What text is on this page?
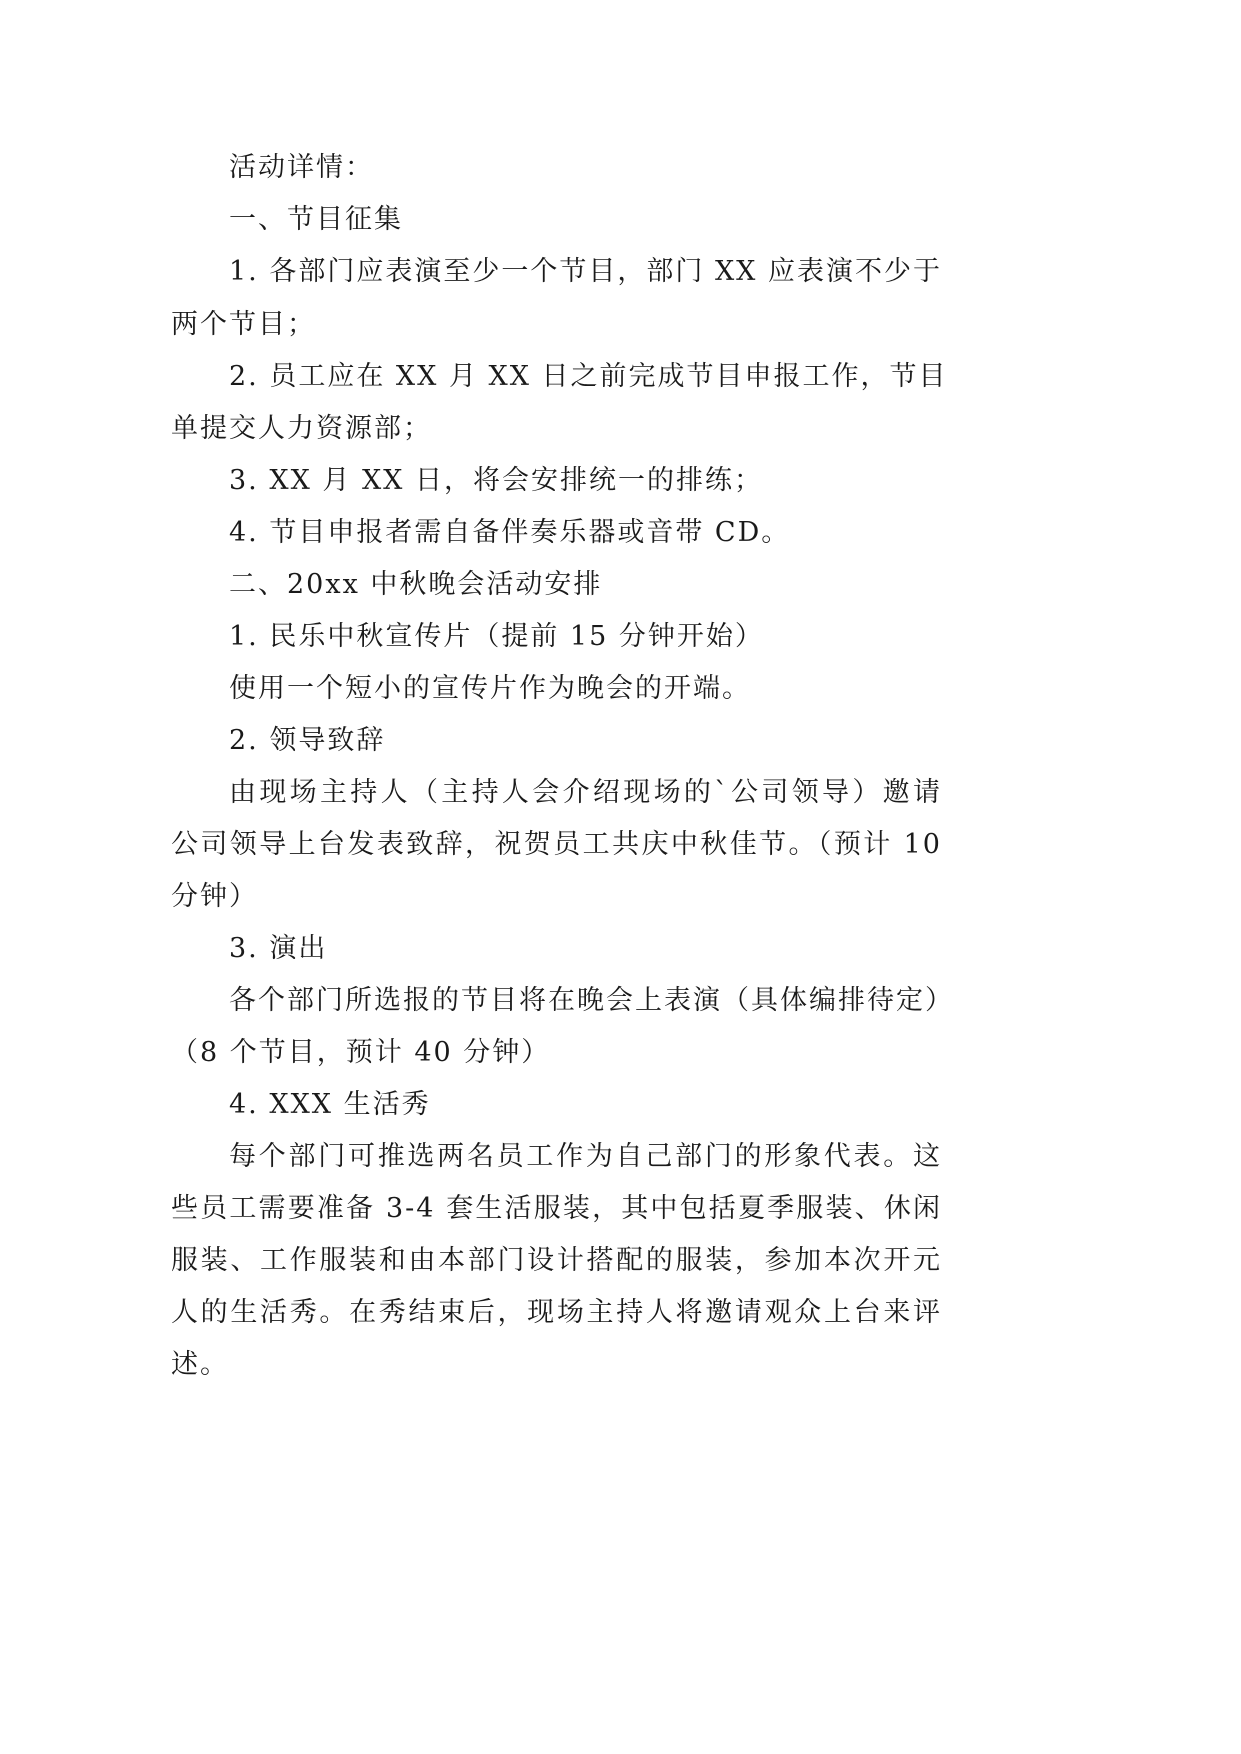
活动详情：
一、节目征集
1. 各部门应表演至少一个节目，部门 XX 应表演不少于
两个节目；
2. 员工应在 XX 月 XX 日之前完成节目申报工作，节目
单提交人力资源部；
3. XX 月 XX 日，将会安排统一的排练；
4. 节目申报者需自备伴奏乐器或音带 CD。
二、20xx 中秋晚会活动安排
1. 民乐中秋宣传片（提前 15 分钟开始）
使用一个短小的宣传片作为晚会的开端。
2. 领导致辞
由现场主持人（主持人会介绍现场的`公司领导）邀请
公司领导上台发表致辞，祝贺员工共庆中秋佳节。（预计 10
分钟）
3. 演出
各个部门所选报的节目将在晚会上表演（具体编排待定）
（8 个节目，预计 40 分钟）
4. XXX 生活秀
每个部门可推选两名员工作为自己部门的形象代表。这
些员工需要准备 3-4 套生活服装，其中包括夏季服装、休闲
服装、工作服装和由本部门设计搭配的服装，参加本次开元
人的生活秀。在秀结束后，现场主持人将邀请观众上台来评
述。
